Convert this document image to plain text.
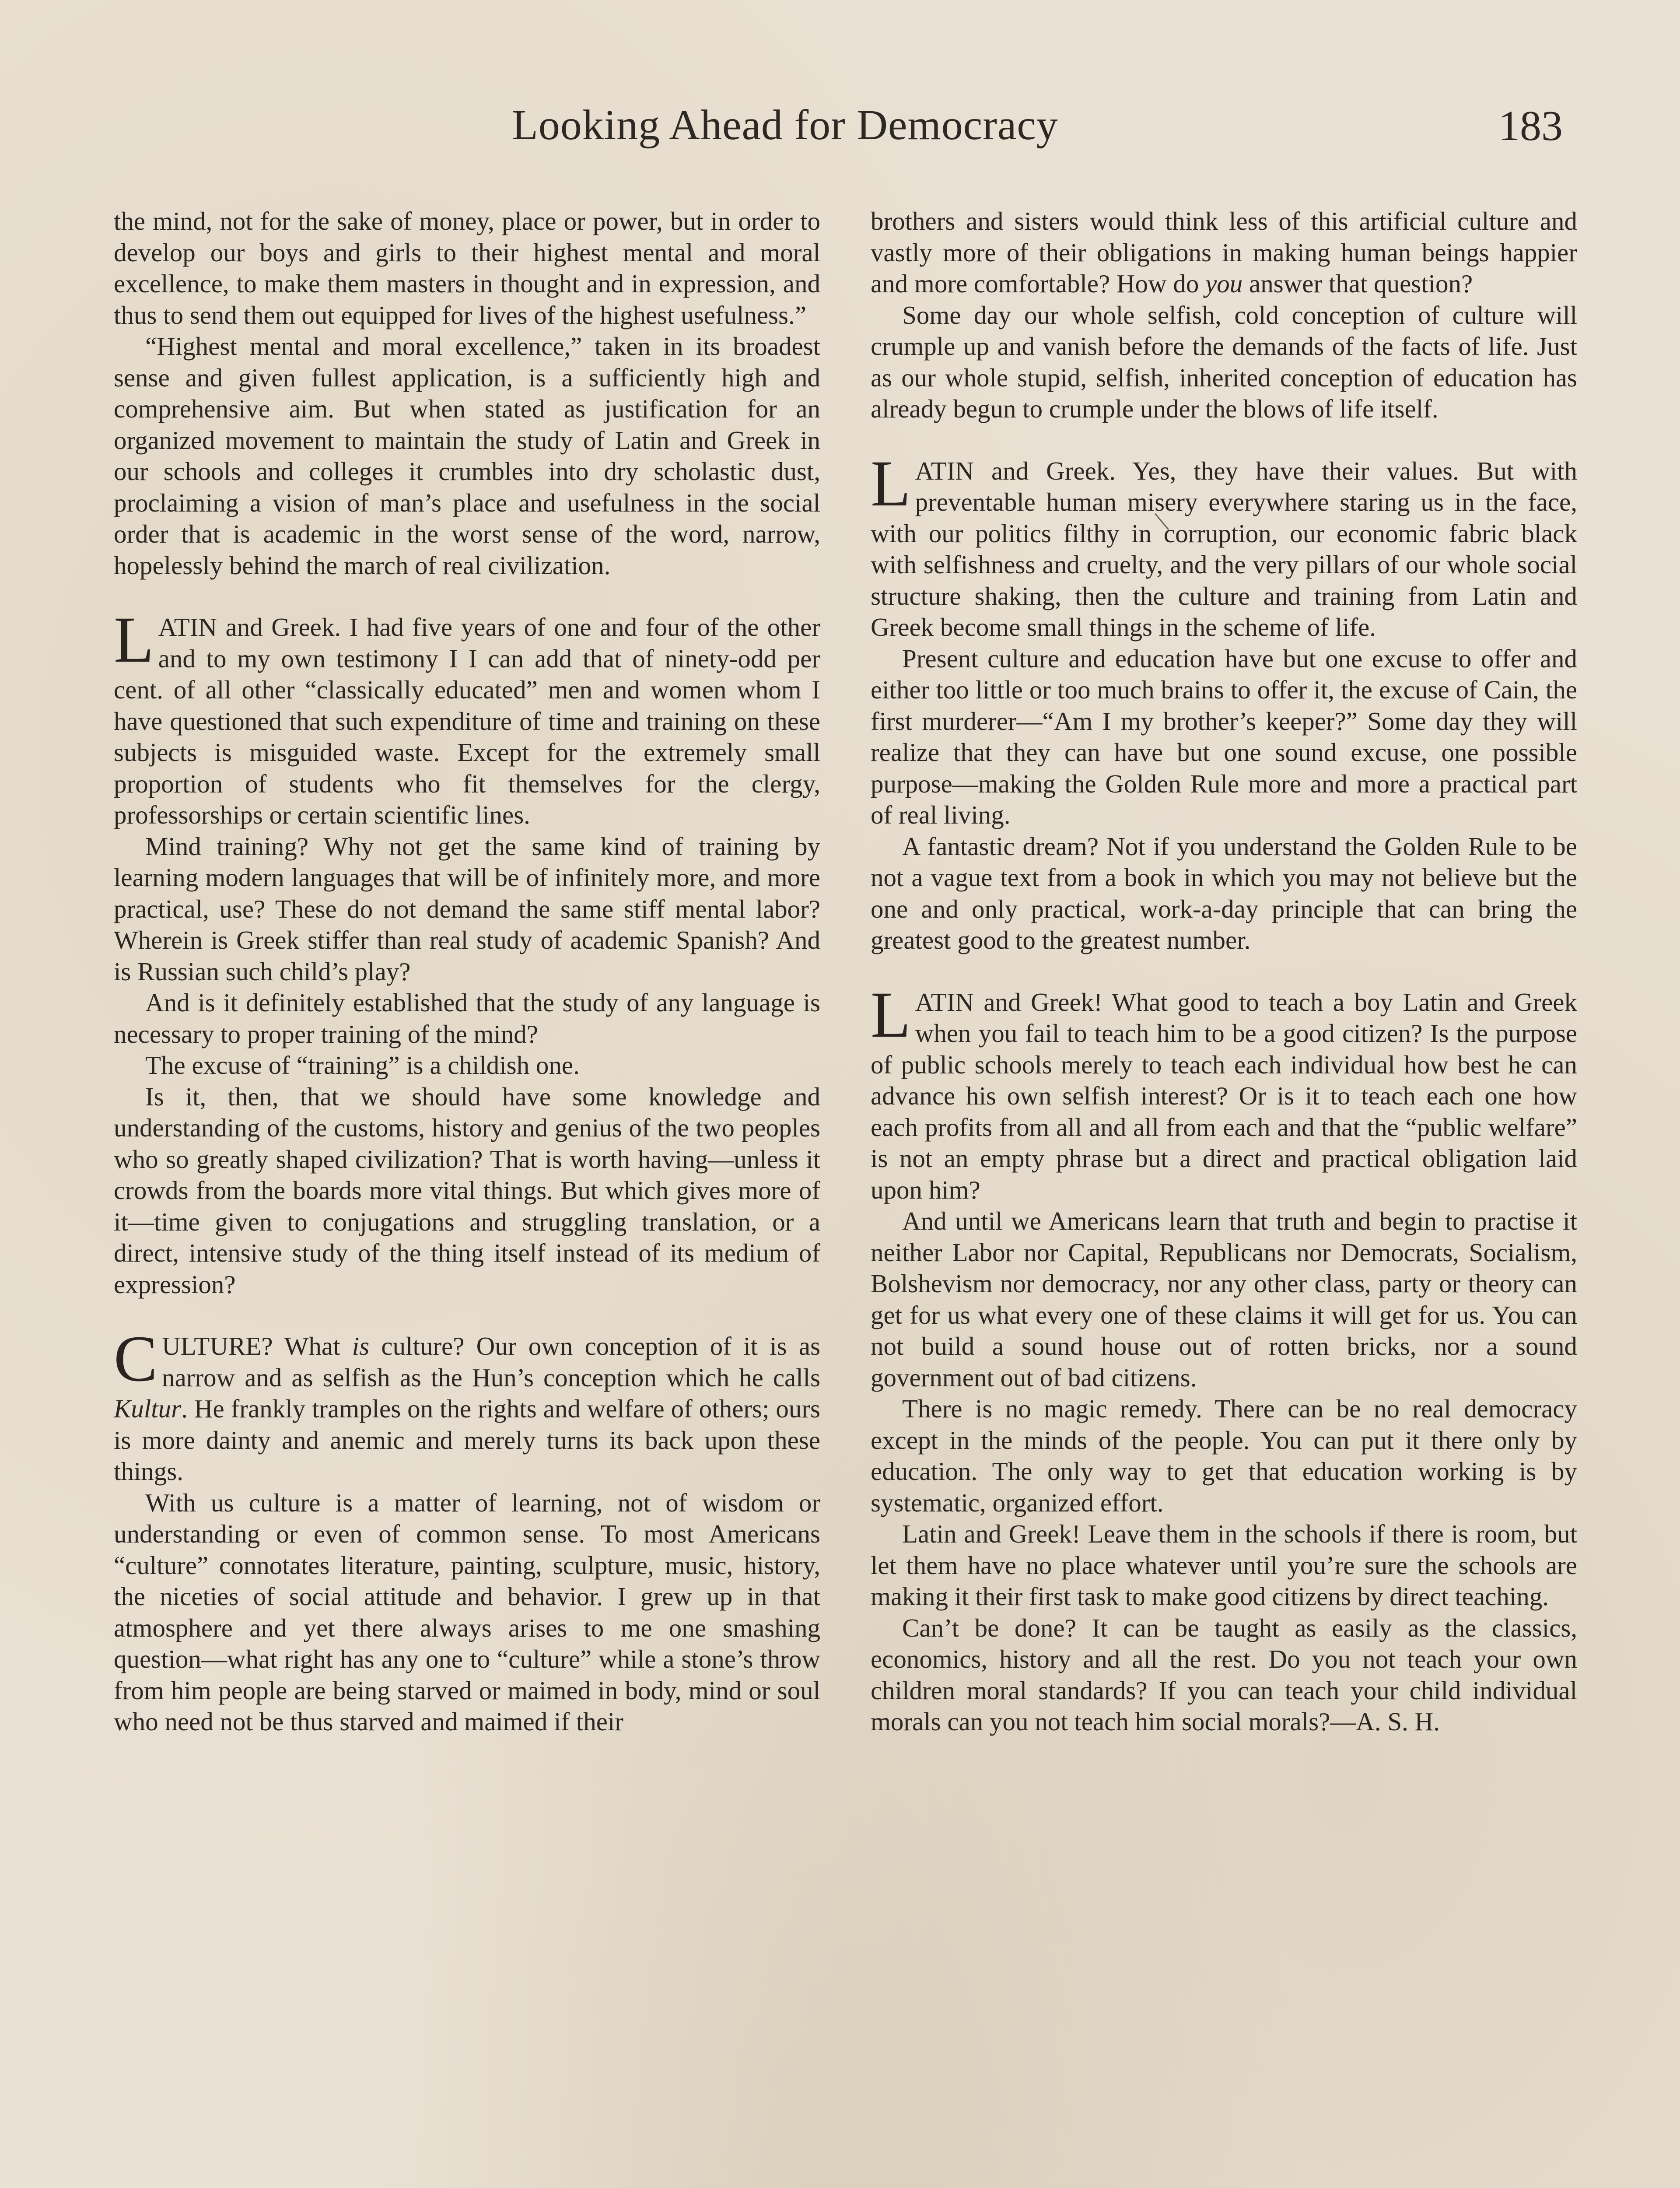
Looking Ahead for Democracy	183

the mind, not for the sake of money, place or power, but in order to develop our boys and girls to their highest mental and moral excellence, to make them masters in thought and in expression, and thus to send them out equipped for lives of the highest usefulness.”

“Highest mental and moral excellence,” taken in its broadest sense and given fullest application, is a sufficiently high and comprehensive aim. But when stated as justification for an organized movement to maintain the study of Latin and Greek in our schools and colleges it crumbles into dry scholastic dust, proclaiming a vision of man’s place and usefulness in the social order that is academic in the worst sense of the word, narrow, hopelessly behind the march of real civilization.

LATIN and Greek. I had five years of one and four of the other and to my own testimony I I can add that of ninety-odd per cent. of all other “classically educated” men and women whom I have questioned that such expenditure of time and training on these subjects is misguided waste. Except for the extremely small proportion of students who fit themselves for the clergy, professorships or certain scientific lines.

Mind training? Why not get the same kind of training by learning modern languages that will be of infinitely more, and more practical, use? These do not demand the same stiff mental labor? Wherein is Greek stiffer than real study of academic Spanish? And is Russian such child’s play?

And is it definitely established that the study of any language is necessary to proper training of the mind?

The excuse of “training” is a childish one.

Is it, then, that we should have some knowledge and understanding of the customs, history and genius of the two peoples who so greatly shaped civilization? That is worth having—unless it crowds from the boards more vital things. But which gives more of it—time given to conjugations and struggling translation, or a direct, intensive study of the thing itself instead of its medium of expression?

CULTURE? What is culture? Our own conception of it is as narrow and as selfish as the Hun’s conception which he calls Kultur. He frankly tramples on the rights and welfare of others; ours is more dainty and anemic and merely turns its back upon these things.

With us culture is a matter of learning, not of wisdom or understanding or even of common sense. To most Americans “culture” connotates literature, painting, sculpture, music, history, the niceties of social attitude and behavior. I grew up in that atmosphere and yet there always arises to me one smashing question—what right has any one to “culture” while a stone’s throw from him people are being starved or maimed in body, mind or soul who need not be thus starved and maimed if their

brothers and sisters would think less of this artificial culture and vastly more of their obligations in making human beings happier and more comfortable? How do you answer that question?

Some day our whole selfish, cold conception of culture will crumple up and vanish before the demands of the facts of life. Just as our whole stupid, selfish, inherited conception of education has already begun to crumple under the blows of life itself.

LATIN and Greek. Yes, they have their values. But with preventable human misery everywhere staring us in the face, with our politics filthy in corruption, our economic fabric black with selfishness and cruelty, and the very pillars of our whole social structure shaking, then the culture and training from Latin and Greek become small things in the scheme of life.

Present culture and education have but one excuse to offer and either too little or too much brains to offer it, the excuse of Cain, the first murderer—“Am I my brother’s keeper?” Some day they will realize that they can have but one sound excuse, one possible purpose—making the Golden Rule more and more a practical part of real living.

A fantastic dream? Not if you understand the Golden Rule to be not a vague text from a book in which you may not believe but the one and only practical, work-a-day principle that can bring the greatest good to the greatest number.

LATIN and Greek! What good to teach a boy Latin and Greek when you fail to teach him to be a good citizen? Is the purpose of public schools merely to teach each individual how best he can advance his own selfish interest? Or is it to teach each one how each profits from all and all from each and that the “public welfare” is not an empty phrase but a direct and practical obligation laid upon him?

And until we Americans learn that truth and begin to practise it neither Labor nor Capital, Republicans nor Democrats, Socialism, Bolshevism nor democracy, nor any other class, party or theory can get for us what every one of these claims it will get for us. You can not build a sound house out of rotten bricks, nor a sound government out of bad citizens.

There is no magic remedy. There can be no real democracy except in the minds of the people. You can put it there only by education. The only way to get that education working is by systematic, organized effort.

Latin and Greek! Leave them in the schools if there is room, but let them have no place whatever until you’re sure the schools are making it their first task to make good citizens by direct teaching.

Can’t be done? It can be taught as easily as the classics, economics, history and all the rest. Do you not teach your own children moral standards? If you can teach your child individual morals can you not teach him social morals?—A. S. H.
